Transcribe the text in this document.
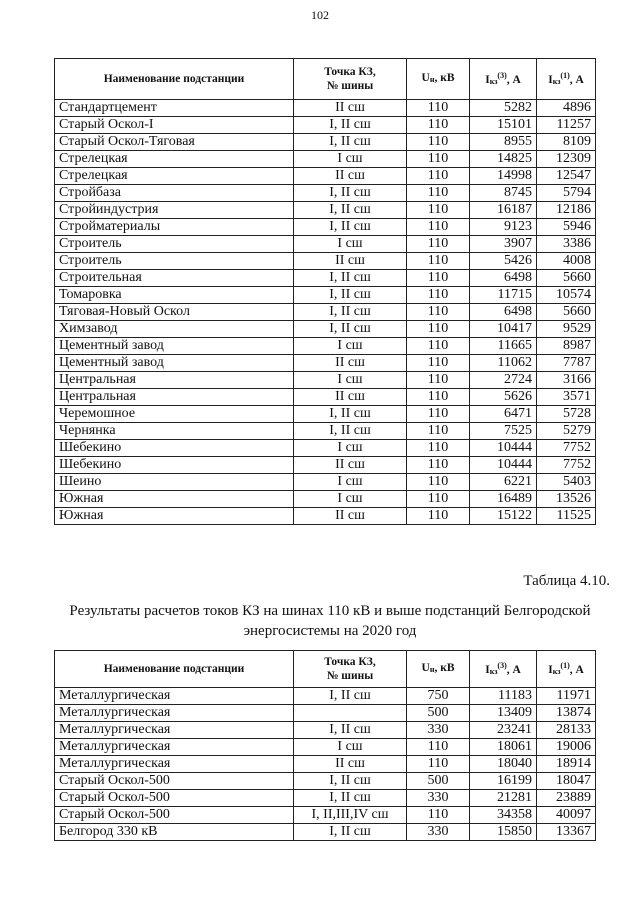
102
Наименование подстанции	Точка КЗ,
№ шины	Uн, кВ	Iкз$^{(3)}$, А	Iкз$^{(1)}$, А
Стандартцемент	II сш	110	5282	4896
Старый Оскол-I	I, II сш	110	15101	11257
Старый Оскол-Тяговая	I, II сш	110	8955	8109
Стрелецкая	I сш	110	14825	12309
Стрелецкая	II сш	110	14998	12547
Стройбаза	I, II сш	110	8745	5794
Стройиндустрия	I, II сш	110	16187	12186
Стройматериалы	I, II сш	110	9123	5946
Строитель	I сш	110	3907	3386
Строитель	II сш	110	5426	4008
Строительная	I, II сш	110	6498	5660
Томаровка	I, II сш	110	11715	10574
Тяговая-Новый Оскол	I, II сш	110	6498	5660
Химзавод	I, II сш	110	10417	9529
Цементный завод	I сш	110	11665	8987
Цементный завод	II сш	110	11062	7787
Центральная	I сш	110	2724	3166
Центральная	II сш	110	5626	3571
Черемошное	I, II сш	110	6471	5728
Чернянка	I, II сш	110	7525	5279
Шебекино	I сш	110	10444	7752
Шебекино	II сш	110	10444	7752
Шеино	I сш	110	6221	5403
Южная	I сш	110	16489	13526
Южная	II сш	110	15122	11525
Таблица 4.10.
Результаты расчетов токов КЗ на шинах 110 кВ и выше подстанций Белгородской
энергосистемы на 2020 год
Наименование подстанции	Точка КЗ,
№ шины	Uн, кВ	Iкз$^{(3)}$, А	Iкз$^{(1)}$, А
Металлургическая	I, II сш	750	11183	11971
Металлургическая		500	13409	13874
Металлургическая	I, II сш	330	23241	28133
Металлургическая	I сш	110	18061	19006
Металлургическая	II сш	110	18040	18914
Старый Оскол-500	I, II сш	500	16199	18047
Старый Оскол-500	I, II сш	330	21281	23889
Старый Оскол-500	I, II,III,IV сш	110	34358	40097
Белгород 330 кВ	I, II сш	330	15850	13367
